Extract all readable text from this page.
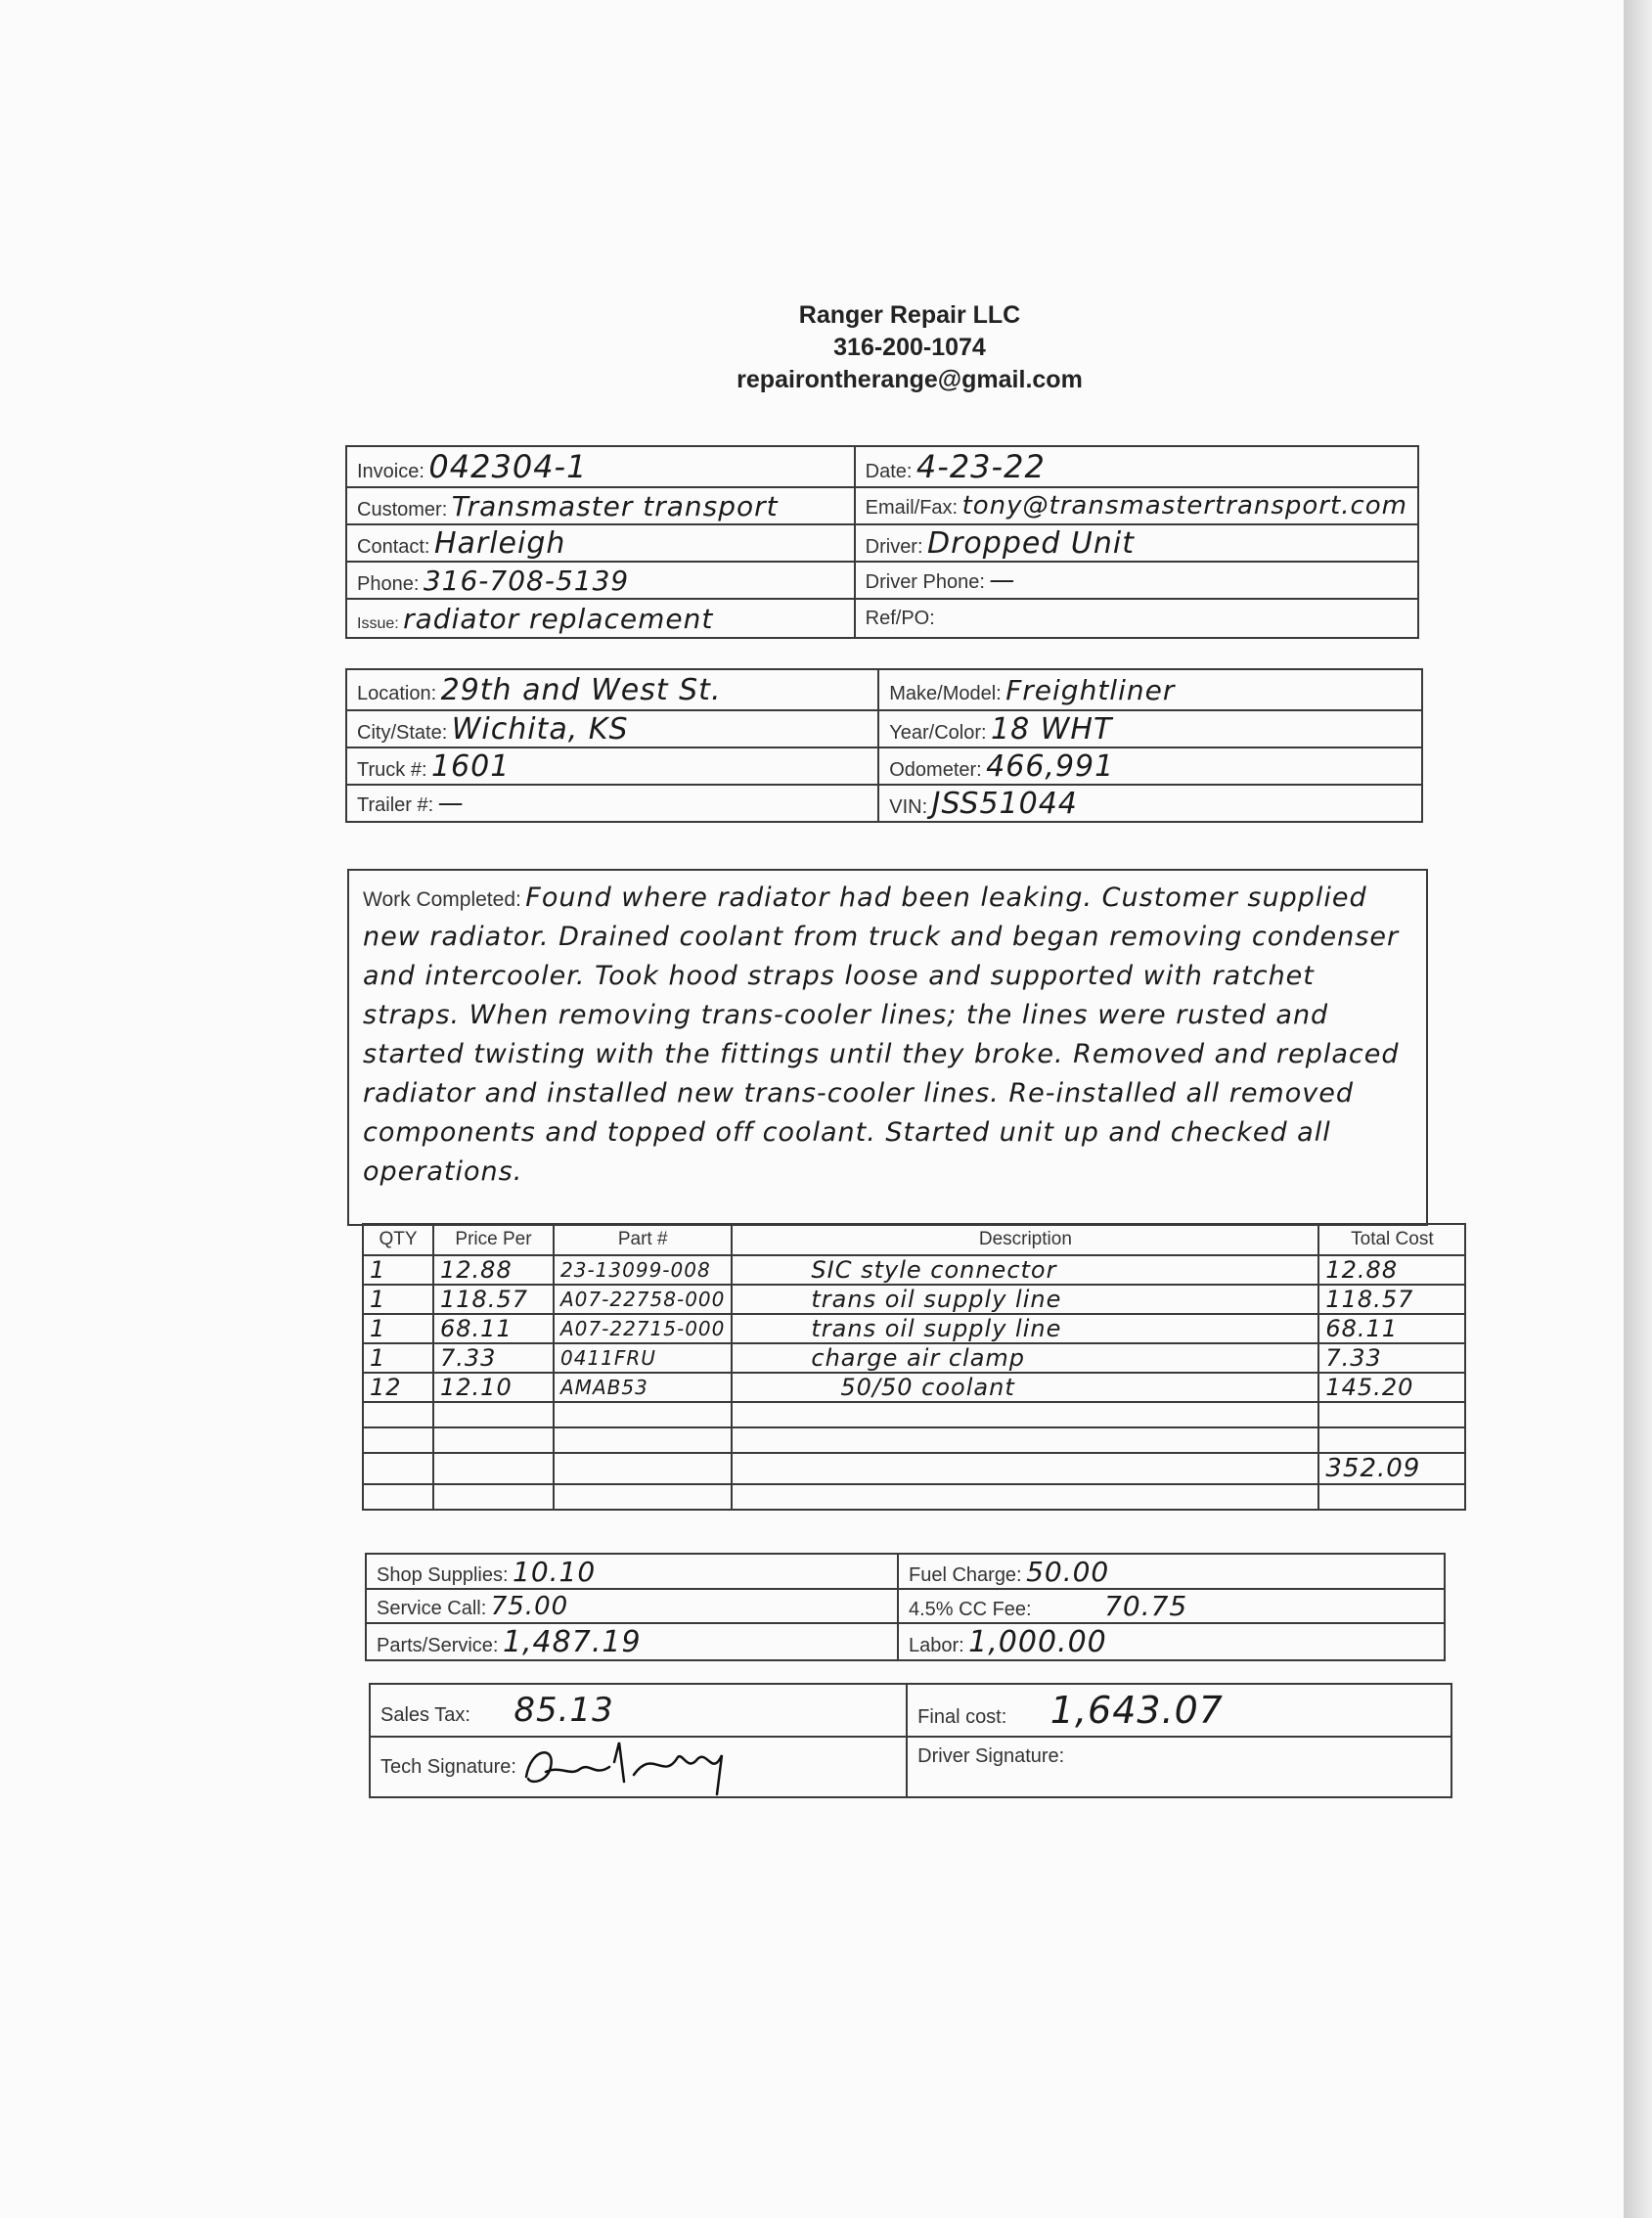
Ranger Repair LLC
316-200-1074
repairontherange@gmail.com
Invoice: 042304-1	Date: 4-23-22
Customer: Transmaster transport	Email/Fax: tony@transmastertransport.com
Contact: Harleigh	Driver: Dropped Unit
Phone: 316-708-5139	Driver Phone: —
Issue: radiator replacement	Ref/PO:
Location: 29th and West St.	Make/Model: Freightliner
City/State: Wichita, KS	Year/Color: 18 WHT
Truck #: 1601	Odometer: 466,991
Trailer #: —	VIN: JSS51044
Work Completed: Found where radiator had been leaking. Customer supplied new radiator. Drained coolant from truck and began removing condenser and intercooler. Took hood straps loose and supported with ratchet straps. When removing trans-cooler lines; the lines were rusted and started twisting with the fittings until they broke. Removed and replaced radiator and installed new trans-cooler lines. Re-installed all removed components and topped off coolant. Started unit up and checked all operations.
QTY	Price Per	Part #	Description	Total Cost
1	12.88	23-13099-008	SIC style connector	12.88
1	118.57	A07-22758-000	trans oil supply line	118.57
1	68.11	A07-22715-000	trans oil supply line	68.11
1	7.33	0411FRU	charge air clamp	7.33
12	12.10	AMAB53	50/50 coolant	145.20

				352.09

Shop Supplies: 10.10	Fuel Charge: 50.00
Service Call: 75.00	4.5% CC Fee: 70.75
Parts/Service: 1,487.19	Labor: 1,000.00
Sales Tax: 85.13	Final cost: 1,643.07

Tech Signature:	Driver Signature:
